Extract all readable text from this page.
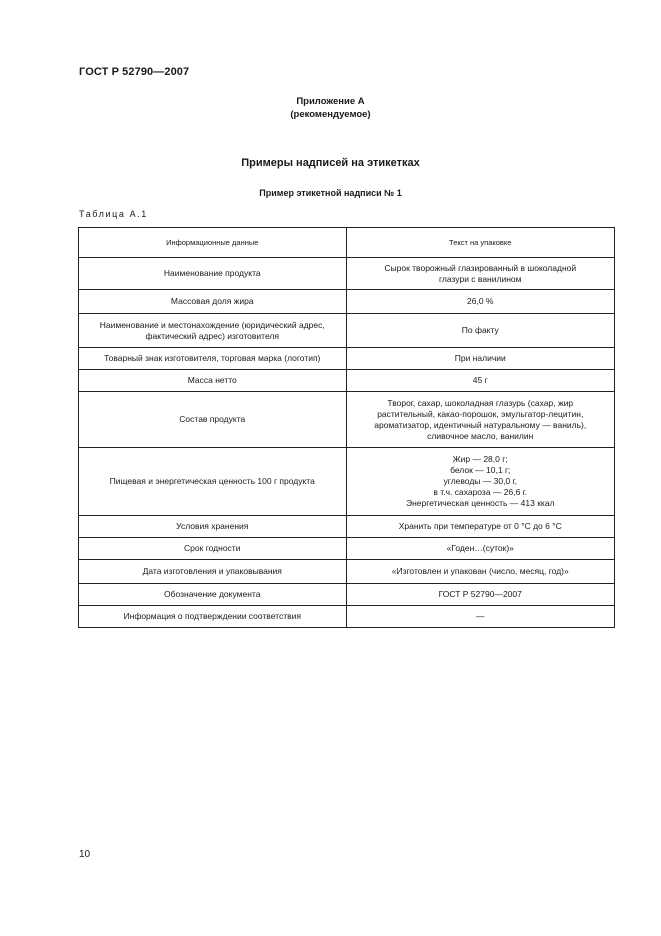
ГОСТ Р 52790—2007
Приложение А
(рекомендуемое)
Примеры надписей на этикетках
Пример этикетной надписи № 1
Таблица А.1
Информационные данные	Текст на упаковке
Наименование продукта	Сырок творожный глазированный в шоколадной
глазури с ванилином

Массовая доля жира	26,0 %

Наименование и местонахождение (юридический адрес, фактический адрес) изготовителя	По факту

Товарный знак изготовителя, торговая марка (логотип)	При наличии

Масса нетто	45 г

Состав продукта	Творог, сахар, шоколадная глазурь (сахар, жир
растительный, какао-порошок, эмульгатор-лецитин,
ароматизатор, идентичный натуральному — ваниль),
сливочное масло, ванилин

Пищевая и энергетическая ценность 100 г продукта	Жир — 28,0 г;
белок — 10,1 г;
углеводы — 30,0 г,
в т.ч. сахароза — 26,6 г.
Энергетическая ценность — 413 ккал

Условия хранения	Хранить при температуре от 0 °С до 6 °С

Срок годности	«Годен…(суток)»

Дата изготовления и упаковывания	«Изготовлен и упакован (число, месяц, год)»

Обозначение документа	ГОСТ Р 52790—2007

Информация о подтверждении соответствия	—
10
